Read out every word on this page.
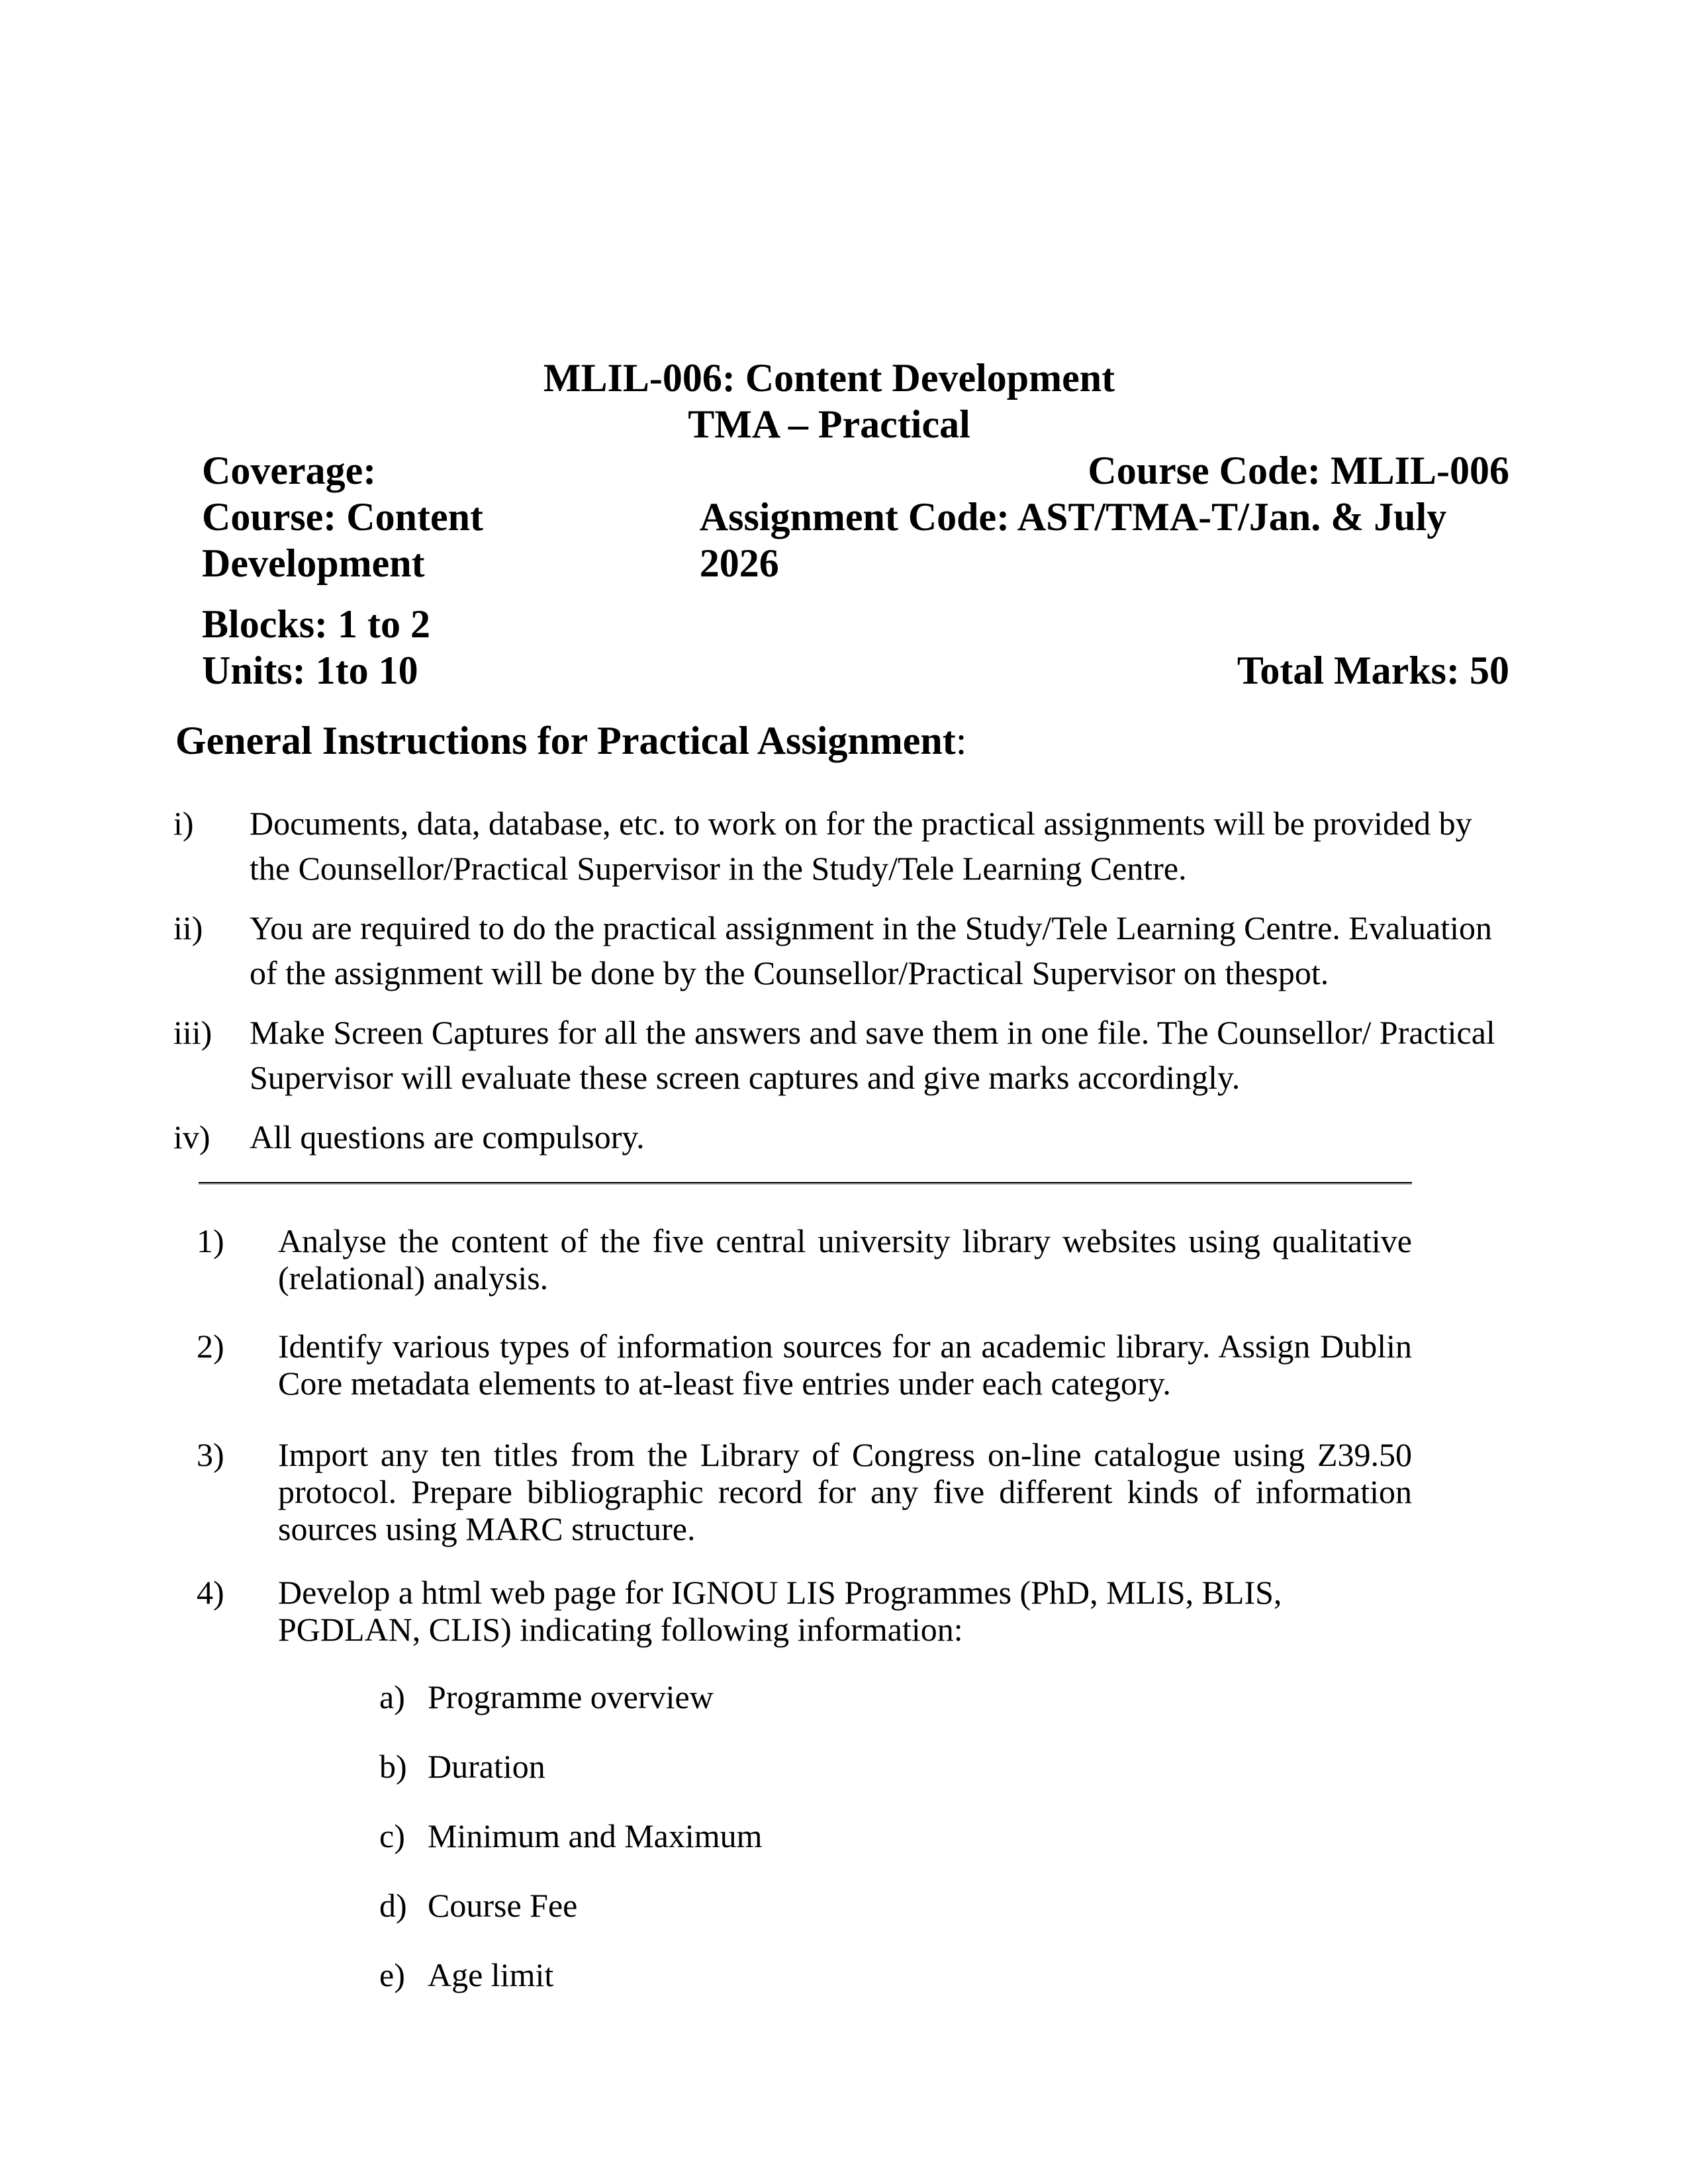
MLIL-006: Content Development
TMA – Practical
Coverage:	Course Code: MLIL-006
Course: Content Development
Assignment Code: AST/TMA-T/Jan. & July 2026
Blocks: 1 to 2
Units: 1to 10	Total Marks: 50
General Instructions for Practical Assignment:
i)	Documents, data, database, etc. to work on for the practical assignments will be provided by the Counsellor/Practical Supervisor in the Study/Tele Learning Centre.
ii)	You are required to do the practical assignment in the Study/Tele Learning Centre. Evaluation of the assignment will be done by the Counsellor/Practical Supervisor on thespot.
iii)	Make Screen Captures for all the answers and save them in one file. The Counsellor/ Practical Supervisor will evaluate these screen captures and give marks accordingly.
iv)	All questions are compulsory.
1)	Analyse the content of the five central university library websites using qualitative (relational) analysis.
2)	Identify various types of information sources for an academic library. Assign Dublin Core metadata elements to at-least five entries under each category.
3)	Import any ten titles from the Library of Congress on-line catalogue using Z39.50 protocol. Prepare bibliographic record for any five different kinds of information sources using MARC structure.
4)	Develop a html web page for IGNOU LIS Programmes (PhD, MLIS, BLIS, PGDLAN, CLIS) indicating following information:
a) Programme overview
b) Duration
c) Minimum and Maximum
d) Course Fee
e) Age limit
